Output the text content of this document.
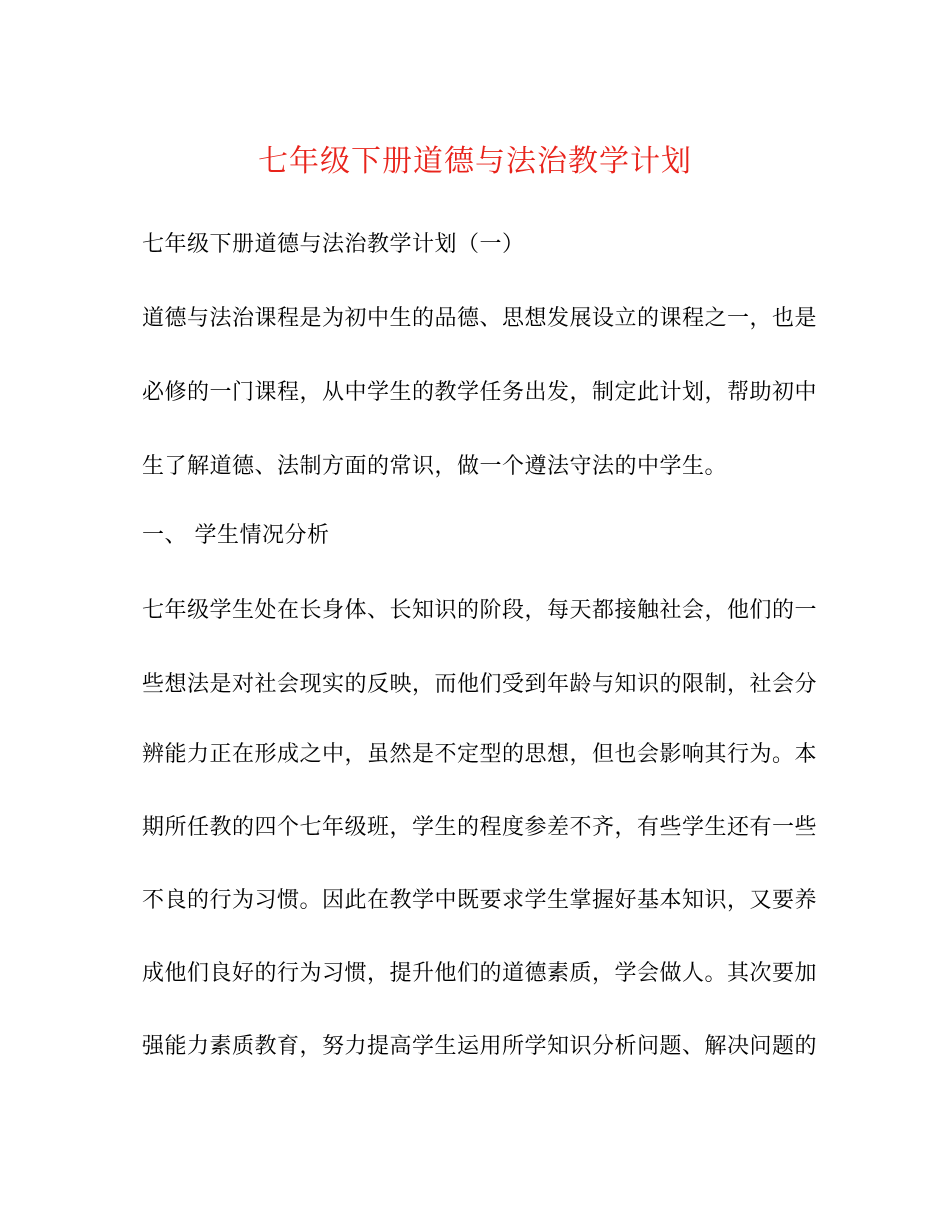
七年级下册道德与法治教学计划
七年级下册道德与法治教学计划（一）
道德与法治课程是为初中生的品德、思想发展设立的课程之一，也是
必修的一门课程，从中学生的教学任务出发，制定此计划，帮助初中
生了解道德、法制方面的常识，做一个遵法守法的中学生。
一、 学生情况分析
七年级学生处在长身体、长知识的阶段，每天都接触社会，他们的一
些想法是对社会现实的反映，而他们受到年龄与知识的限制，社会分
辨能力正在形成之中，虽然是不定型的思想，但也会影响其行为。本
期所任教的四个七年级班，学生的程度参差不齐，有些学生还有一些
不良的行为习惯。因此在教学中既要求学生掌握好基本知识，又要养
成他们良好的行为习惯，提升他们的道德素质，学会做人。其次要加
强能力素质教育，努力提高学生运用所学知识分析问题、解决问题的
